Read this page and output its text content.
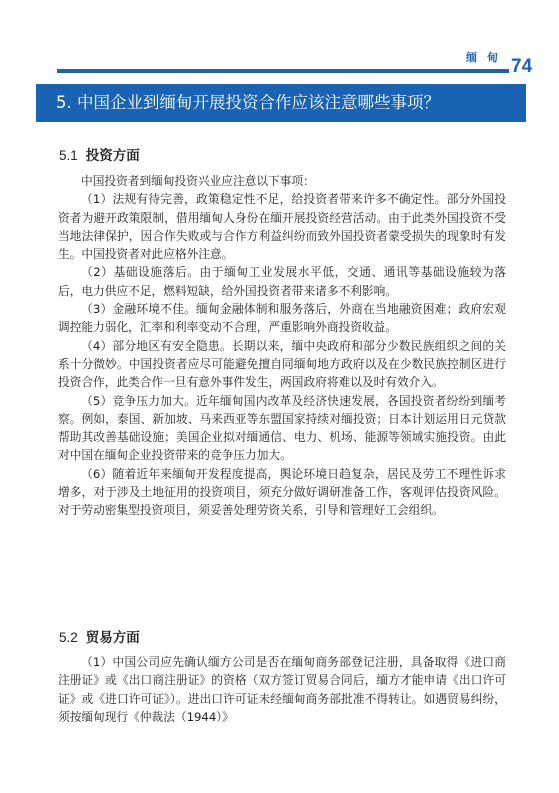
缅甸 74
5. 中国企业到缅甸开展投资合作应该注意哪些事项？
5.1 投资方面

中国投资者到缅甸投资兴业应注意以下事项：

（1）法规有待完善，政策稳定性不足，给投资者带来许多不确定性。部分外国投资者为避开政策限制，借用缅甸人身份在缅开展投资经营活动。由于此类外国投资不受当地法律保护，因合作失败或与合作方利益纠纷而致外国投资者蒙受损失的现象时有发生。中国投资者对此应格外注意。

（2）基础设施落后。由于缅甸工业发展水平低，交通、通讯等基础设施较为落后，电力供应不足，燃料短缺，给外国投资者带来诸多不利影响。

（3）金融环境不佳。缅甸金融体制和服务落后，外商在当地融资困难；政府宏观调控能力弱化，汇率和利率变动不合理，严重影响外商投资收益。

（4）部分地区有安全隐患。长期以来，缅中央政府和部分少数民族组织之间的关系十分微妙。中国投资者应尽可能避免擅自同缅甸地方政府以及在少数民族控制区进行投资合作，此类合作一旦有意外事件发生，两国政府将难以及时有效介入。

（5）竞争压力加大。近年缅甸国内改革及经济快速发展，各国投资者纷纷到缅考察。例如，泰国、新加坡、马来西亚等东盟国家持续对缅投资；日本计划运用日元贷款帮助其改善基础设施；美国企业拟对缅通信、电力、机场、能源等领域实施投资。由此对中国在缅甸企业投资带来的竞争压力加大。

（6）随着近年来缅甸开发程度提高，舆论环境日趋复杂，居民及劳工不理性诉求增多，对于涉及土地征用的投资项目，须充分做好调研准备工作，客观评估投资风险。对于劳动密集型投资项目，须妥善处理劳资关系，引导和管理好工会组织。

5.2 贸易方面

（1）中国公司应先确认缅方公司是否在缅甸商务部登记注册，具备取得《进口商注册证》或《出口商注册证》的资格（双方签订贸易合同后，缅方才能申请《出口许可证》或《进口许可证》）。进出口许可证未经缅甸商务部批准不得转让。如遇贸易纠纷，须按缅甸现行《仲裁法（1944）》
